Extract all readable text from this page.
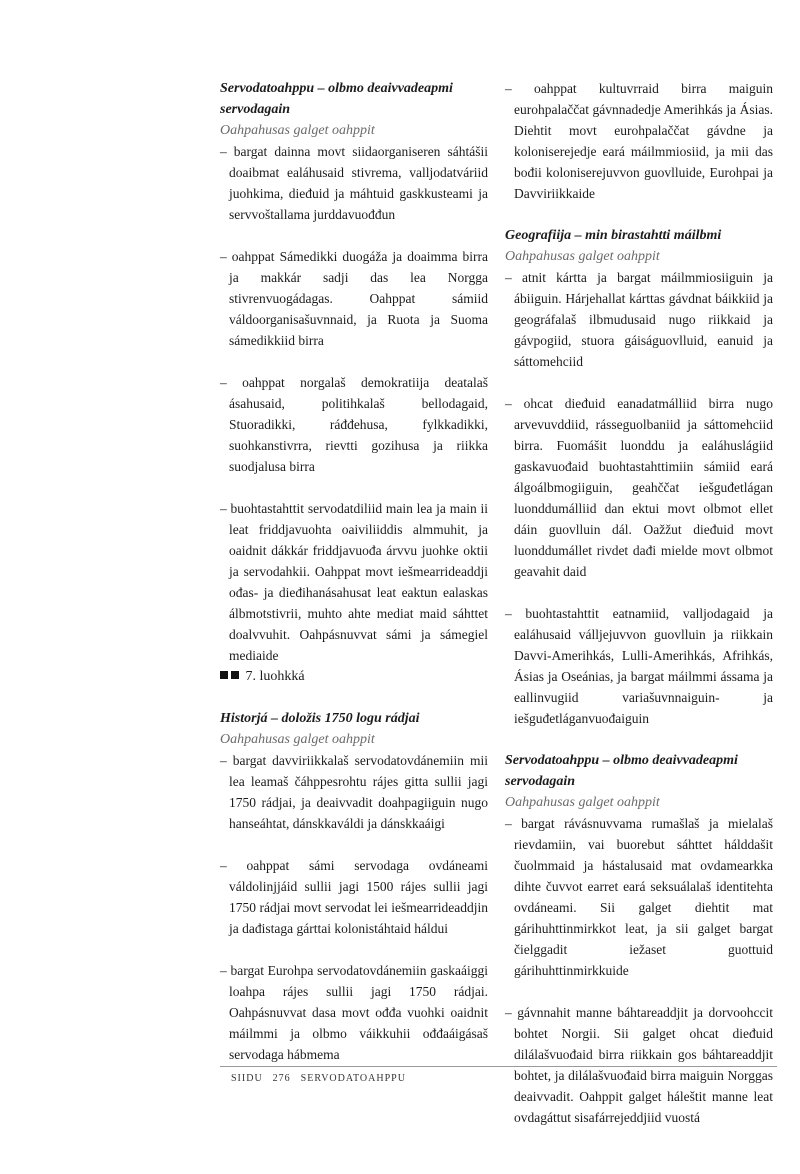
Servodatoahppu – olbmo deaivvadeapmi servodagain

Oahpahusas galget oahppit

– bargat dainna movt siidaorganiseren sáhtášii doaibmat ealáhusaid stivrema, valljodatváriid juohkima, dieđuid ja máhtuid gaskkusteami ja servvoštallama jurddavuođđun

– oahppat Sámedikki duogáža ja doaimma birra ja makkár sadji das lea Norgga stivrenvuogádagas. Oahppat sámiid váldoorganisašuvnnaid, ja Ruota ja Suoma sámedikkiid birra

– oahppat norgalaš demokratiija deatalaš ásahusaid, politihkalaš bellodagaid, Stuoradikki, ráđđehusa, fylkkadikki, suohkanstivrra, rievtti gozihusa ja riikka suodjalusa birra

– buohtastahttit servodatdiliid main lea ja main ii leat friddjavuohta oaiviliiddis almmuhit, ja oaidnit dákkár friddjavuođa árvvu juohke oktii ja servodahkii. Oahppat movt iešmearrideaddji ođas- ja dieđihanásahusat leat eaktun ealaskas álbmotstivrii, muhto ahte mediat maid sáhttet doalvvuhit. Oahpásnuvvat sámi ja sámegiel mediaide

7. luohkká

Historjá – doložis 1750 logu rádjai

Oahpahusas galget oahppit

– bargat davviriikkalaš servodatovdánemiin mii lea leamaš čáhppesrohtu rájes gitta sullii jagi 1750 rádjai, ja deaivvadit doahpagiiguin nugo hanseáhtat, dánskkaváldi ja dánskkaáigi

– oahppat sámi servodaga ovdáneami váldolinjjáid sullii jagi 1500 rájes sullii jagi 1750 rádjai movt servodat lei iešmearrideaddjin ja dađistaga gárttai kolonistáhtaid háldui

– bargat Eurohpa servodatovdánemiin gaskaáiggi loahpa rájes sullii jagi 1750 rádjai. Oahpásnuvvat dasa movt ođđa vuohki oaidnit máilmmi ja olbmo váikkuhii ođđaáigásaš servodaga hábmema

– oahppat kultuvrraid birra maiguin eurohpalaččat gávnnadedje Amerihkás ja Ásias. Diehtit movt eurohpalaččat gávdne ja koloniserejedje eará máilmmiosiid, ja mii das bođii koloniserejuvvon guovlluide, Eurohpai ja Davviriikkaide

Geografiija – min birastahtti máilbmi

Oahpahusas galget oahppit

– atnit kártta ja bargat máilmmiosiiguin ja ábiiguin. Hárjehallat kárttas gávdnat báikkiid ja geográfalaš ilbmudusaid nugo riikkaid ja gávpogiid, stuora gáiságuovlluid, eanuid ja sáttomehciid

– ohcat dieđuid eanadatmálliid birra nugo arvevuvddiid, rásseguolbaniid ja sáttomehciid birra. Fuomášit luonddu ja ealáhuslágiid gaskavuođaid buohtastahttimiin sámiid eará álgoálbmogiiguin, geahččat iešguđetlágan luonddumálliid dan ektui movt olbmot ellet dáin guovlluin dál. Oažžut dieđuid movt luonddumállet rivdet dađi mielde movt olbmot geavahit daid

– buohtastahttit eatnamiid, valljodagaid ja ealáhusaid válljejuvvon guovlluin ja riikkain Davvi-Amerihkás, Lulli-Amerihkás, Afrihkás, Ásias ja Oseánias, ja bargat máilmmi ássama ja eallinvugiid variašuvnnaiguin- ja iešguđetláganvuođaiguin

Servodatoahppu – olbmo deaivvadeapmi servodagain

Oahpahusas galget oahppit

– bargat rávásnuvvama rumašlaš ja mielalaš rievdamiin, vai buorebut sáhttet hálddašit čuolmmaid ja hástalusaid mat ovdamearkka dihte čuvvot earret eará seksuálalaš identitehta ovdáneami. Sii galget diehtit mat gárihuhttinmirkkot leat, ja sii galget bargat čielggadit iežaset guottuid gárihuhttinmirkkuide

– gávnnahit manne báhtareaddjit ja dorvoohccit bohtet Norgii. Sii galget ohcat dieđuid dilálašvuođaid birra riikkain gos báhtareaddjit bohtet, ja dilálašvuođaid birra maiguin Norggas deaivvadit. Oahppit galget háleštit manne leat ovdagáttut sisafárrejeddjiid vuostá

SIIDU 276 SERVODATOAHPPU
